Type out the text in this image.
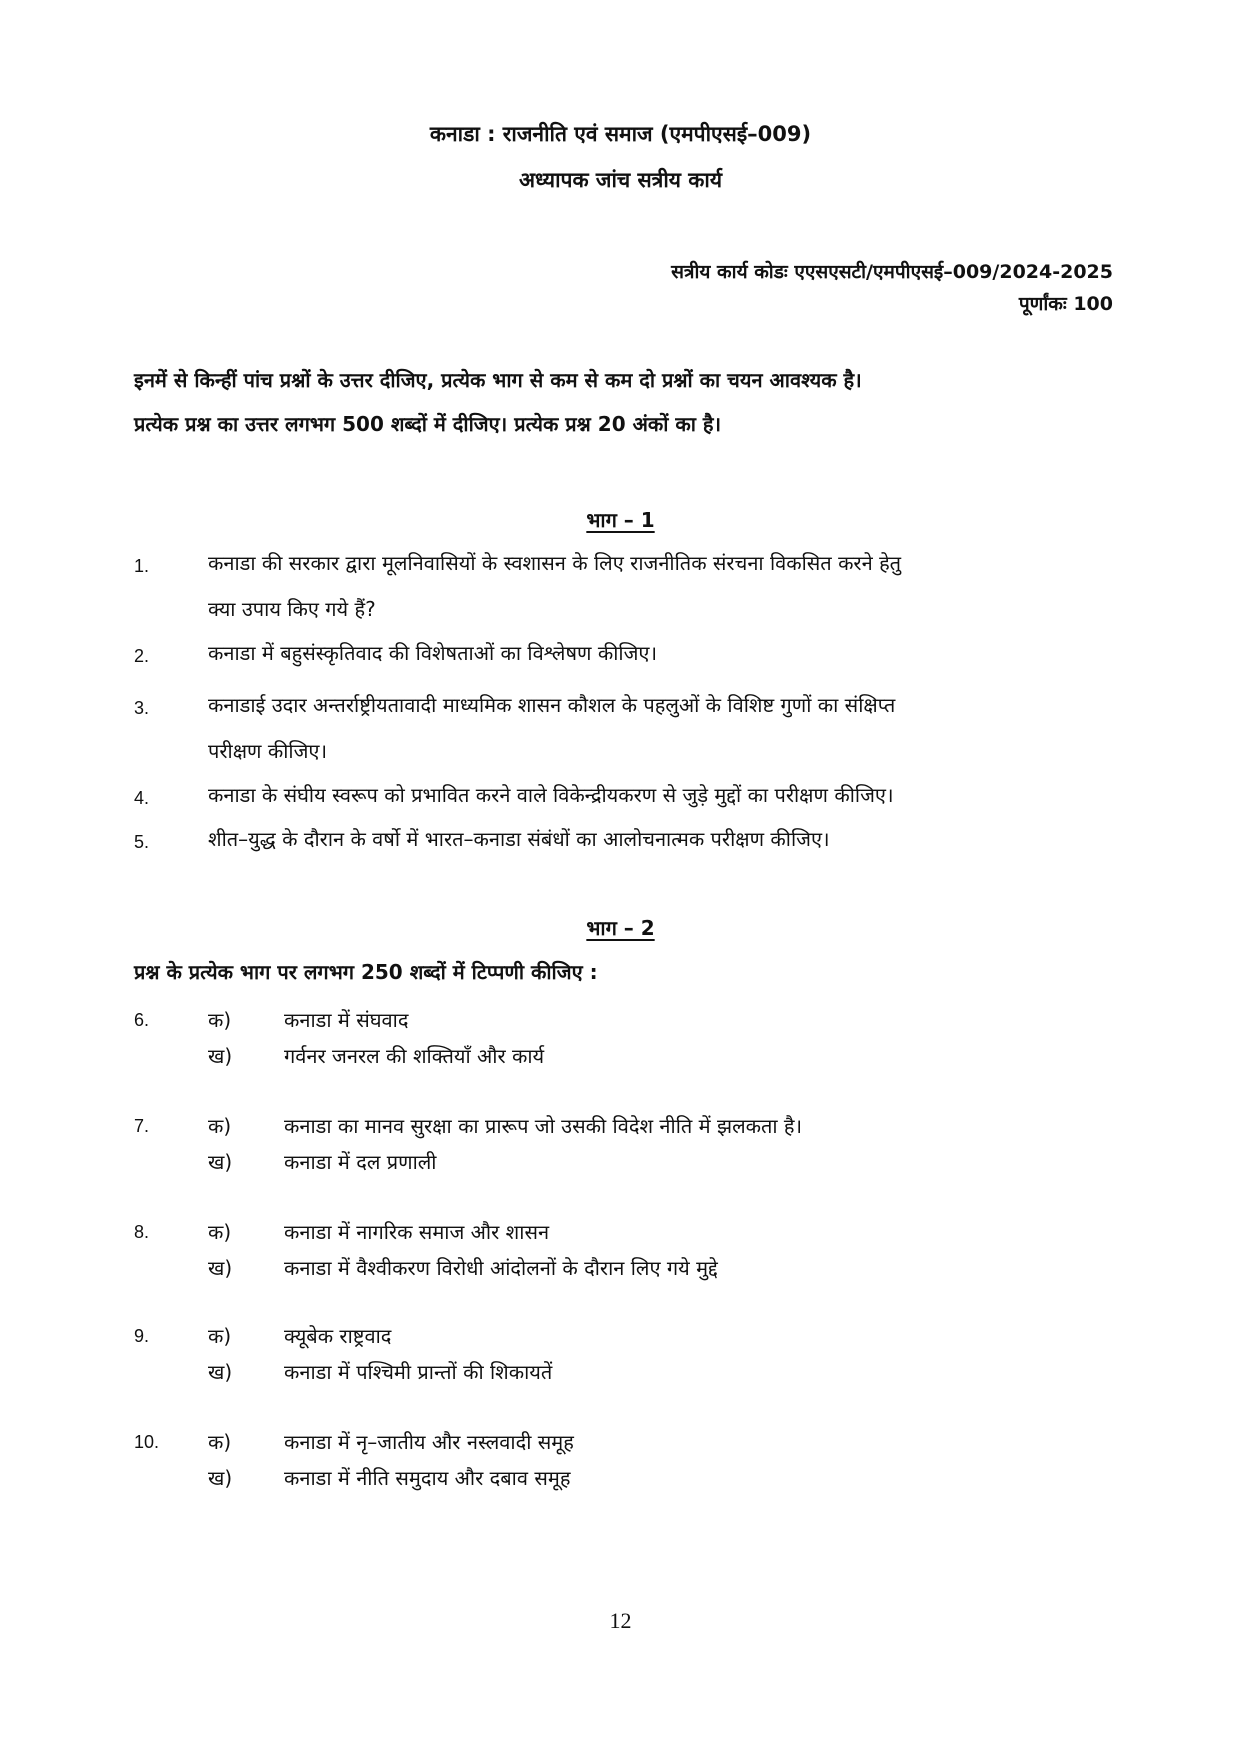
कनाडा : राजनीति एवं समाज (एमपीएसई–009)
अध्यापक जांच सत्रीय कार्य
सत्रीय कार्य कोडः एएसएसटी/एमपीएसई–009/2024-2025
पूर्णांकः 100
इनमें से किन्हीं पांच प्रश्नों के उत्तर दीजिए, प्रत्येक भाग से कम से कम दो प्रश्नों का चयन आवश्यक है।
प्रत्येक प्रश्न का उत्तर लगभग 500 शब्दों में दीजिए। प्रत्येक प्रश्न 20 अंकों का है।
भाग – 1
1.	कनाडा की सरकार द्वारा मूलनिवासियों के स्वशासन के लिए राजनीतिक संरचना विकसित करने हेतु
क्या उपाय किए गये हैं?
2.	कनाडा में बहुसंस्कृतिवाद की विशेषताओं का विश्लेषण कीजिए।
3.	कनाडाई उदार अन्तर्राष्ट्रीयतावादी माध्यमिक शासन कौशल के पहलुओं के विशिष्ट गुणों का संक्षिप्त
परीक्षण कीजिए।
4.	कनाडा के संघीय स्वरूप को प्रभावित करने वाले विकेन्द्रीयकरण से जुड़े मुद्दों का परीक्षण कीजिए।
5.	शीत–युद्ध के दौरान के वर्षो में भारत–कनाडा संबंधों का आलोचनात्मक परीक्षण कीजिए।
भाग – 2
प्रश्न के प्रत्येक भाग पर लगभग 250 शब्दों में टिप्पणी कीजिए :
6.	क)	कनाडा में संघवाद
ख)	गर्वनर जनरल की शक्तियाँ और कार्य
7.	क)	कनाडा का मानव सुरक्षा का प्रारूप जो उसकी विदेश नीति में झलकता है।
ख)	कनाडा में दल प्रणाली
8.	क)	कनाडा में नागरिक समाज और शासन
ख)	कनाडा में वैश्वीकरण विरोधी आंदोलनों के दौरान लिए गये मुद्दे
9.	क)	क्यूबेक राष्ट्रवाद
ख)	कनाडा में पश्चिमी प्रान्तों की शिकायतें
10. क)	कनाडा में नृ–जातीय और नस्लवादी समूह
ख)	कनाडा में नीति समुदाय और दबाव समूह
12
